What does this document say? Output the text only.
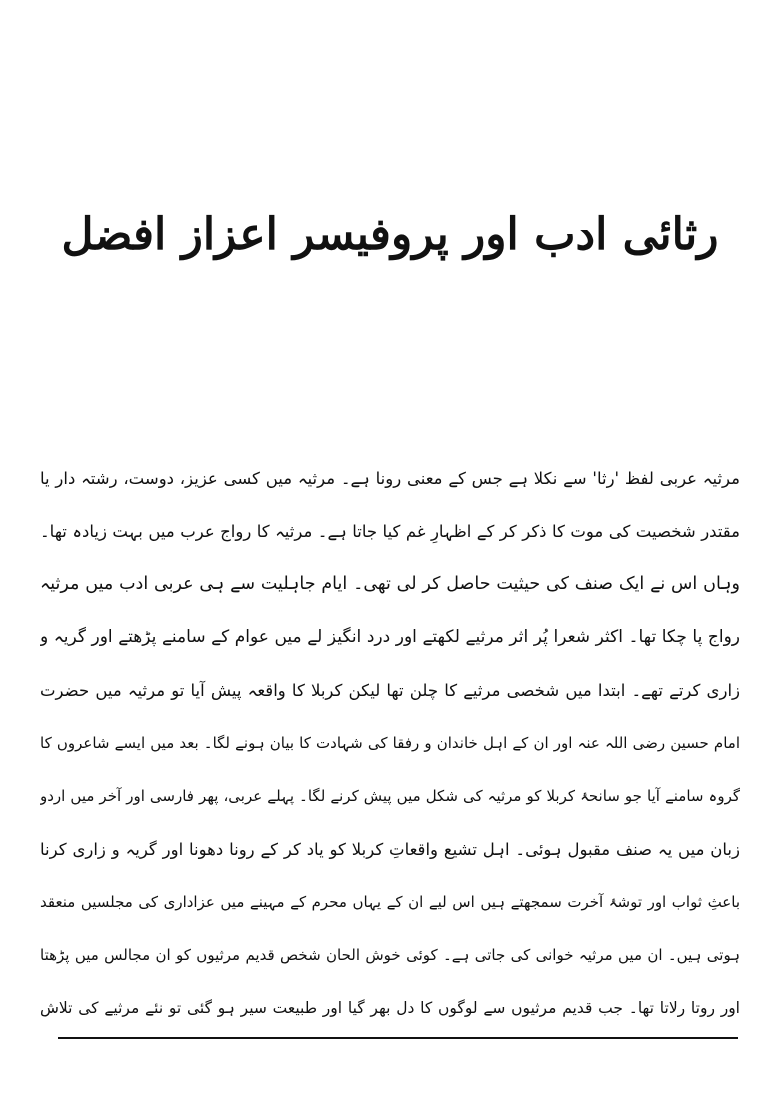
رثائی ادب اور پروفیسر اعزاز افضل
مرثیہ عربی لفظ 'رثا' سے نکلا ہے جس کے معنی رونا ہے۔ مرثیہ میں کسی عزیز، دوست، رشتہ دار یا
مقتدر شخصیت کی موت کا ذکر کر کے اظہارِ غم کیا جاتا ہے۔ مرثیہ کا رواج عرب میں بہت زیادہ تھا۔
وہاں اس نے ایک صنف کی حیثیت حاصل کر لی تھی۔ ایام جاہلیت سے ہی عربی ادب میں مرثیہ
رواج پا چکا تھا۔ اکثر شعرا پُر اثر مرثیے لکھتے اور درد انگیز لے میں عوام کے سامنے پڑھتے اور گریہ و
زاری کرتے تھے۔ ابتدا میں شخصی مرثیے کا چلن تھا لیکن کربلا کا واقعہ پیش آیا تو مرثیہ میں حضرت
امام حسین رضی اللہ عنہ اور ان کے اہل خاندان و رفقا کی شہادت کا بیان ہونے لگا۔ بعد میں ایسے شاعروں کا
گروہ سامنے آیا جو سانحۂ کربلا کو مرثیہ کی شکل میں پیش کرنے لگا۔ پہلے عربی، پھر فارسی اور آخر میں اردو
زبان میں یہ صنف مقبول ہوئی۔ اہل تشیع واقعاتِ کربلا کو یاد کر کے رونا دھونا اور گریہ و زاری کرنا
باعثِ ثواب اور توشۂ آخرت سمجھتے ہیں اس لیے ان کے یہاں محرم کے مہینے میں عزاداری کی مجلسیں منعقد
ہوتی ہیں۔ ان میں مرثیہ خوانی کی جاتی ہے۔ کوئی خوش الحان شخص قدیم مرثیوں کو ان مجالس میں پڑھتا
اور روتا رلاتا تھا۔ جب قدیم مرثیوں سے لوگوں کا دل بھر گیا اور طبیعت سیر ہو گئی تو نئے مرثیے کی تلاش
